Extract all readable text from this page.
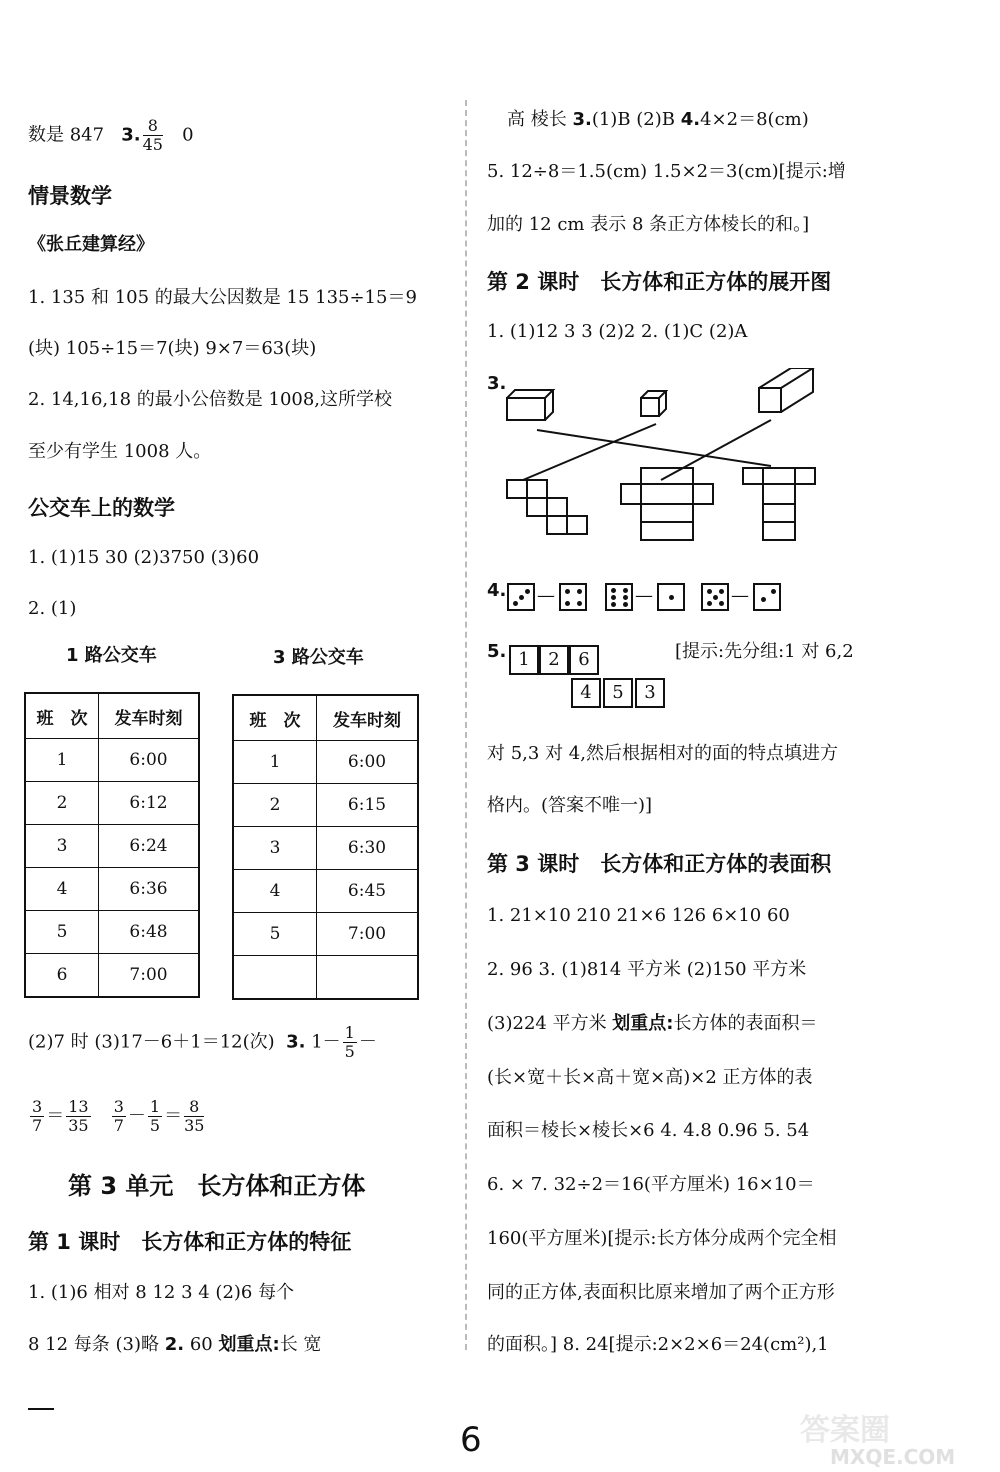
数是 847 3. $\frac{8}{45} 0$
情景数学
《张丘建算经》
1. 135 和 105 的最大公因数是 15 135÷15＝9
(块) 105÷15＝7(块) 9×7＝63(块)
2. 14,16,18 的最小公倍数是 1008,这所学校
至少有学生 1008 人。
公交车上的数学
1. (1)15 30 (2)3750 (3)60
2. (1)
1 路公交车	3 路公交车
班　次	发车时刻
1	6:00
2	6:12
3	6:24
4	6:36
5	6:48
6	7:00
班　次	发车时刻
1	6:00
2	6:15
3	6:30
4	6:45
5	7:00

(2)7 时 (3)17－6＋1＝12(次) 3. $1- \frac{1}{5}$ －
$\frac{3}{7} = \frac{13}{35}$
$\frac{3}{7} - \frac{1}{5} = \frac{8}{35}$
第 3 单元　长方体和正方体
第 1 课时　长方体和正方体的特征
1. (1)6 相对 8 12 3 4 (2)6 每个
8 12 每条 (3)略 2. 60 划重点:长 宽
高 棱长 3.(1)B (2)B 4.4×2＝8(cm)
5. 12÷8＝1.5(cm) 1.5×2＝3(cm)[提示:增
加的 12 cm 表示 8 条正方体棱长的和。]
第 2 课时　长方体和正方体的展开图
1. (1)12 3 3 (2)2 2. (1)C (2)A
3.
4. —	—	—
5. 1	2	6
4	5	3
[提示:先分组:1 对 6,2
对 5,3 对 4,然后根据相对的面的特点填进方
格内。(答案不唯一)]
第 3 课时　长方体和正方体的表面积
1. 21×10 210 21×6 126 6×10 60
2. 96 3. (1)814 平方米 (2)150 平方米
(3)224 平方米 划重点:长方体的表面积＝
(长×宽＋长×高＋宽×高)×2 正方体的表
面积＝棱长×棱长×6 4. 4.8 0.96 5. 54
6. × 7. 32÷2＝16(平方厘米) 16×10＝
160(平方厘米)[提示:长方体分成两个完全相
同的正方体,表面积比原来增加了两个正方形
的面积。] 8. 24[提示:2×2×6＝24(cm²),1
6	答案圈
MXQE.COM
